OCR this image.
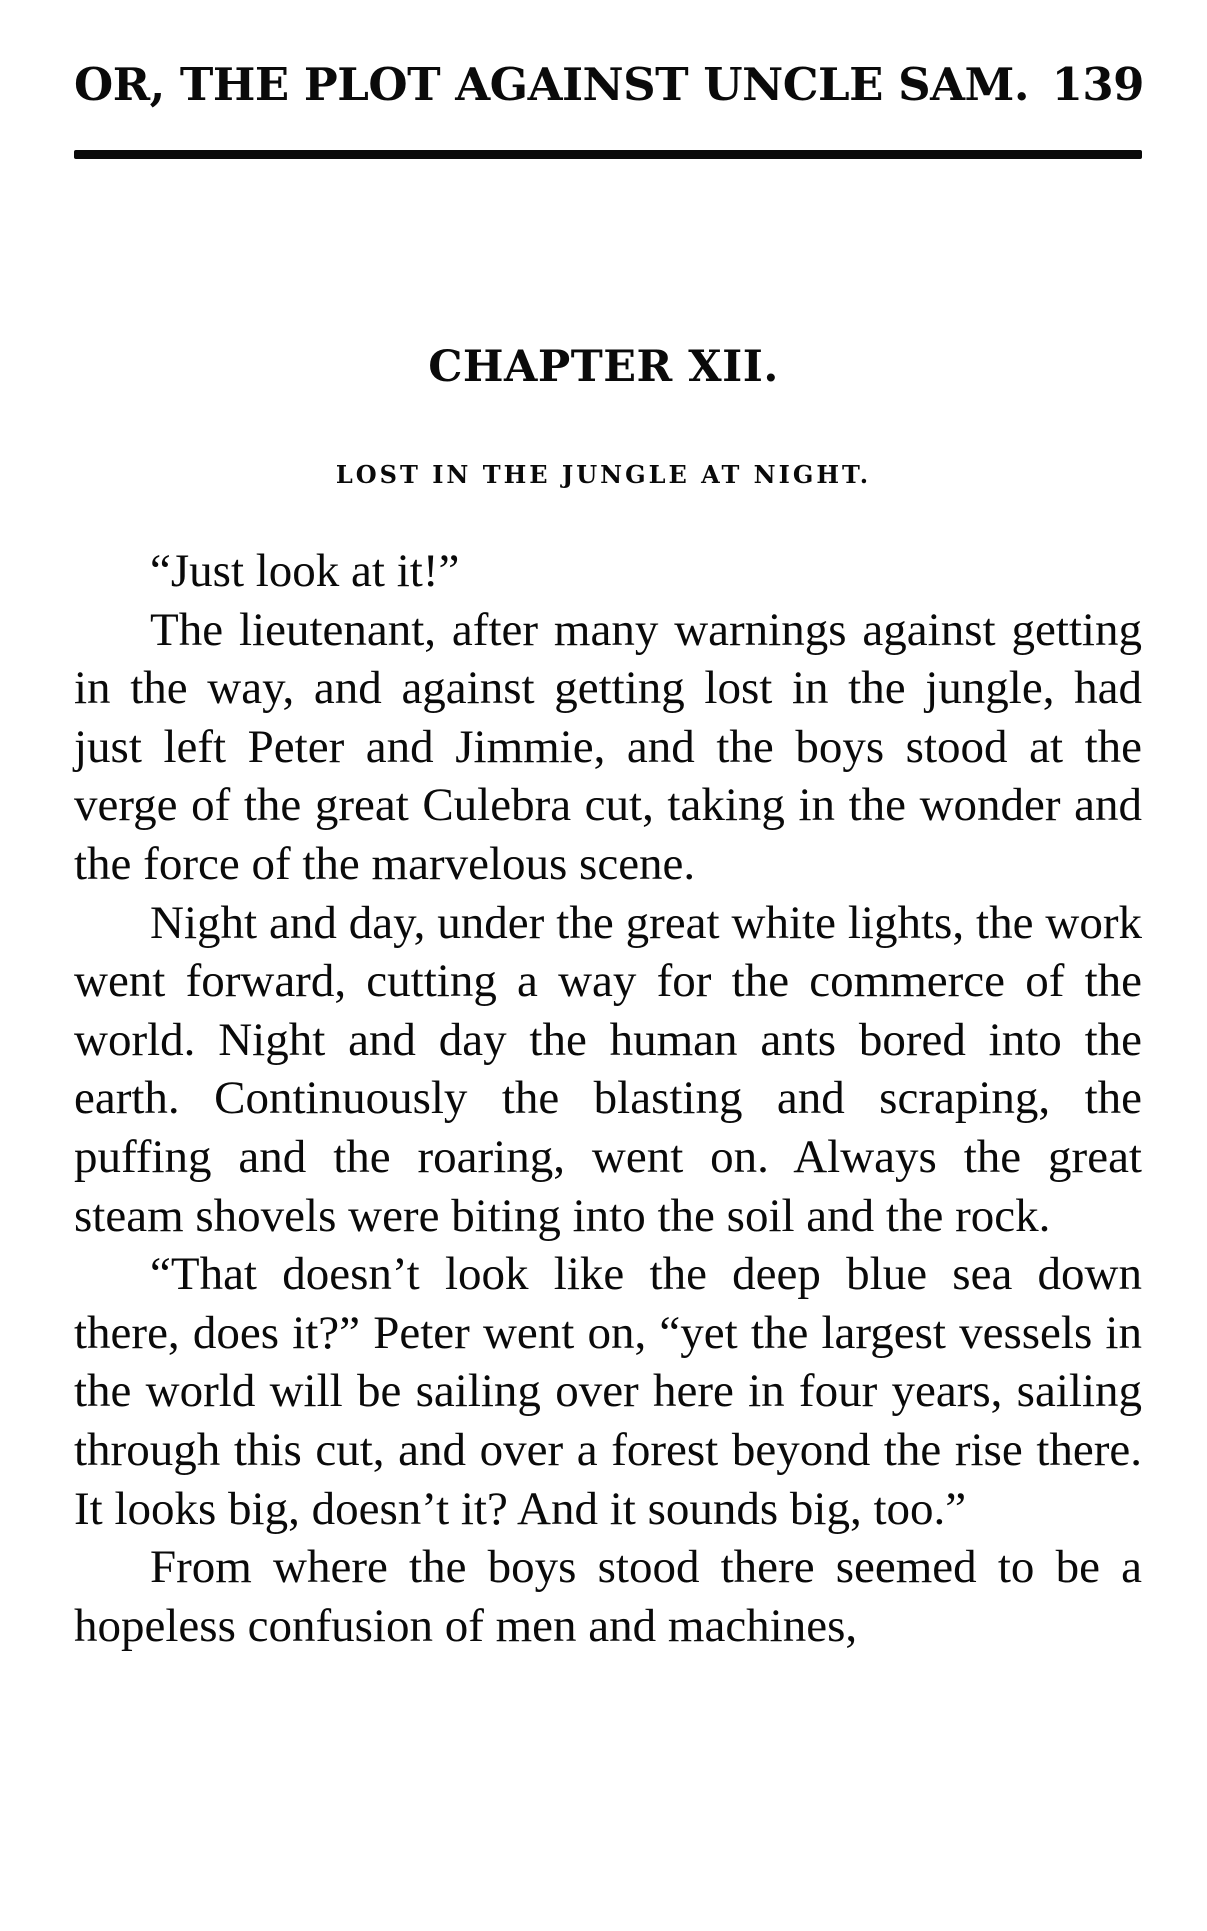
OR, THE PLOT AGAINST UNCLE SAM. 139
CHAPTER XII.
LOST IN THE JUNGLE AT NIGHT.

“Just look at it!”

The lieutenant, after many warnings against getting in the way, and against getting lost in the jungle, had just left Peter and Jimmie, and the boys stood at the verge of the great Culebra cut, taking in the wonder and the force of the marvelous scene.

Night and day, under the great white lights, the work went forward, cutting a way for the commerce of the world. Night and day the human ants bored into the earth. Continuously the blasting and scraping, the puffing and the roaring, went on. Always the great steam shovels were biting into the soil and the rock.

“That doesn’t look like the deep blue sea down there, does it?” Peter went on, “yet the largest vessels in the world will be sailing over here in four years, sailing through this cut, and over a forest beyond the rise there. It looks big, doesn’t it? And it sounds big, too.”

From where the boys stood there seemed to be a hopeless confusion of men and machines,
